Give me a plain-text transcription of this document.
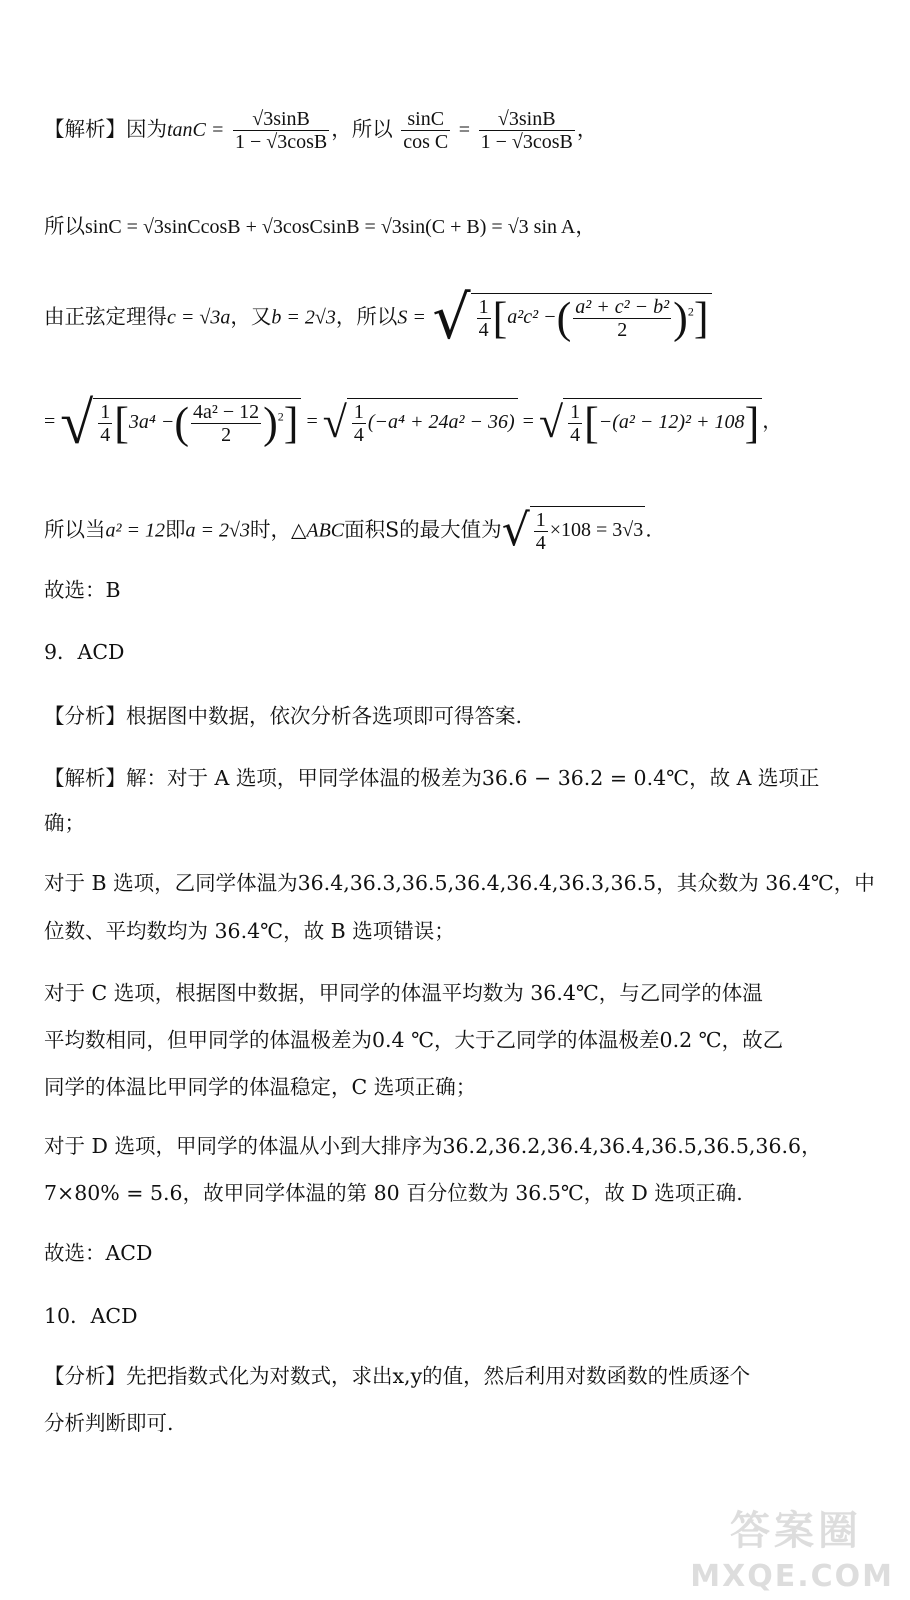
【解析】因为$\tan C = \frac{√3\sin B}{1 - √3\cos B}$ ，所以 $\frac{\sin C}{\text{cos C}} = \frac{√3\sin B}{1 - √3\cos B}$ ，
所以sinC = √3sinCcosB + √3cosCsinB = √3sin(C + B) = √3 sin A，
由正弦定理得c = √3a，又b = 2√3，所以S = √ $\frac{1}{4} [a^2c^2$ −( $\frac{\text{a² + c² − b²}}{2} )^2$]
= √ $\frac{1}{4} [3a^4$ −( $\frac{\text{4a² − 12}}{2} )^2$] = √ $\frac{1}{4} (-a^4 + 24a^2 - 36)$ = √ $\frac{1}{4} [-(a^2 - 12)^2 + 108]$ ，
所以当a² = 12即a = 2√3时，△ABC面积S的最大值为√ $\frac{1}{4} \times 108 = 3√3$.
故选：B
9．ACD
【分析】根据图中数据，依次分析各选项即可得答案.
【解析】解：对于 A 选项，甲同学体温的极差为36.6 − 36.2 = 0.4℃，故 A 选项正
确；
对于 B 选项，乙同学体温为36.4,36.3,36.5,36.4,36.4,36.3,36.5，其众数为 36.4℃，中
位数、平均数均为 36.4℃，故 B 选项错误；
对于 C 选项，根据图中数据，甲同学的体温平均数为 36.4℃，与乙同学的体温
平均数相同，但甲同学的体温极差为0.4 ℃，大于乙同学的体温极差0.2 ℃，故乙
同学的体温比甲同学的体温稳定，C 选项正确；
对于 D 选项，甲同学的体温从小到大排序为36.2,36.2,36.4,36.4,36.5,36.5,36.6，
7×80% = 5.6，故甲同学体温的第 80 百分位数为 36.5℃，故 D 选项正确.
故选：ACD
10．ACD
【分析】先把指数式化为对数式，求出x,y的值，然后利用对数函数的性质逐个
分析判断即可.
答案圈
MXQE.COM
